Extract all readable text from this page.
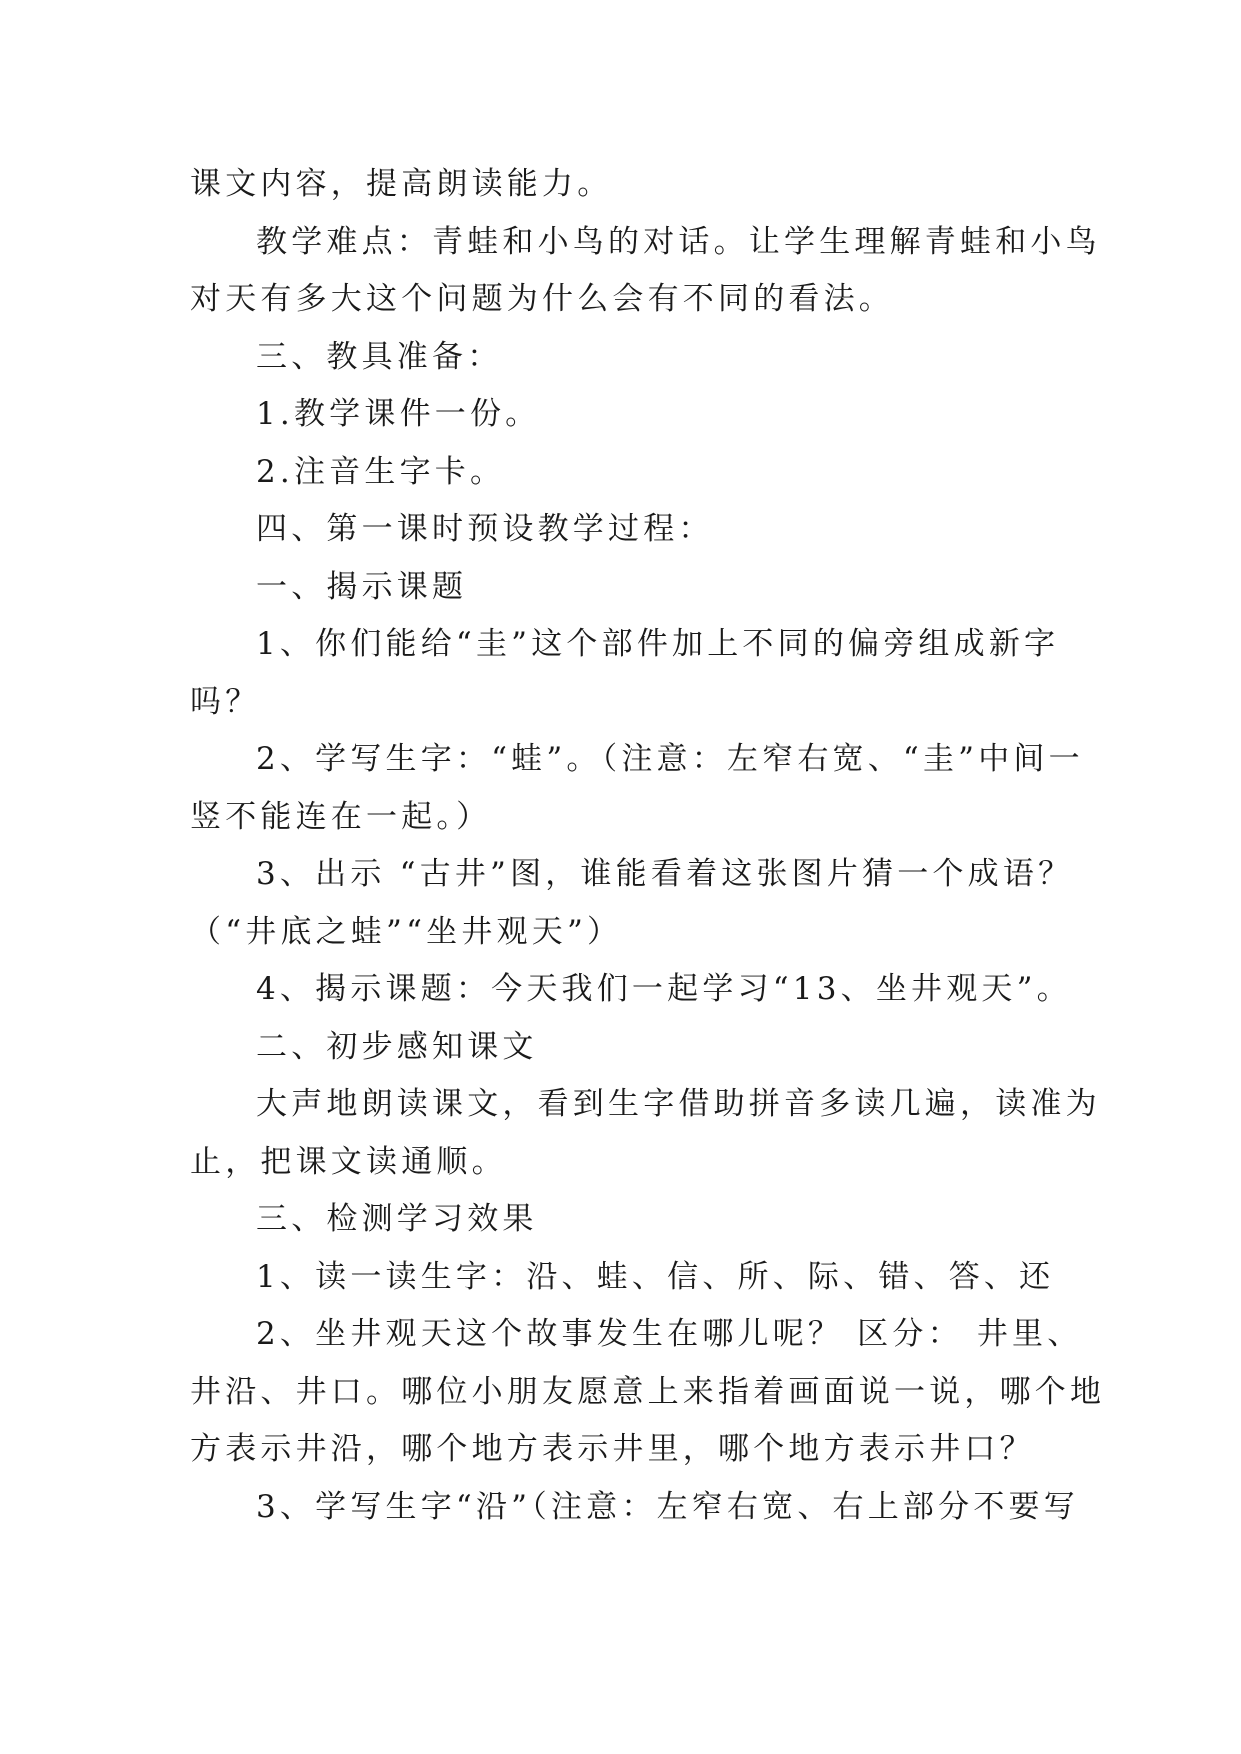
课文内容，提高朗读能力。
教学难点：青蛙和小鸟的对话。让学生理解青蛙和小鸟
对天有多大这个问题为什么会有不同的看法。
三、教具准备：
1.教学课件一份。
2.注音生字卡。
四、第一课时预设教学过程：
一、揭示课题
1、你们能给“圭”这个部件加上不同的偏旁组成新字
吗？
2、学写生字：“蛙”。（注意：左窄右宽、“圭”中间一
竖不能连在一起。）
3、出示 “古井”图，谁能看着这张图片猜一个成语？
（“井底之蛙”“坐井观天”）
4、揭示课题：今天我们一起学习“13、坐井观天”。
二、初步感知课文
大声地朗读课文，看到生字借助拼音多读几遍，读准为
止，把课文读通顺。
三、检测学习效果
1、读一读生字：沿、蛙、信、所、际、错、答、还
2、坐井观天这个故事发生在哪儿呢？ 区分： 井里、
井沿、井口。哪位小朋友愿意上来指着画面说一说，哪个地
方表示井沿，哪个地方表示井里，哪个地方表示井口？
3、学写生字“沿”（注意：左窄右宽、右上部分不要写
